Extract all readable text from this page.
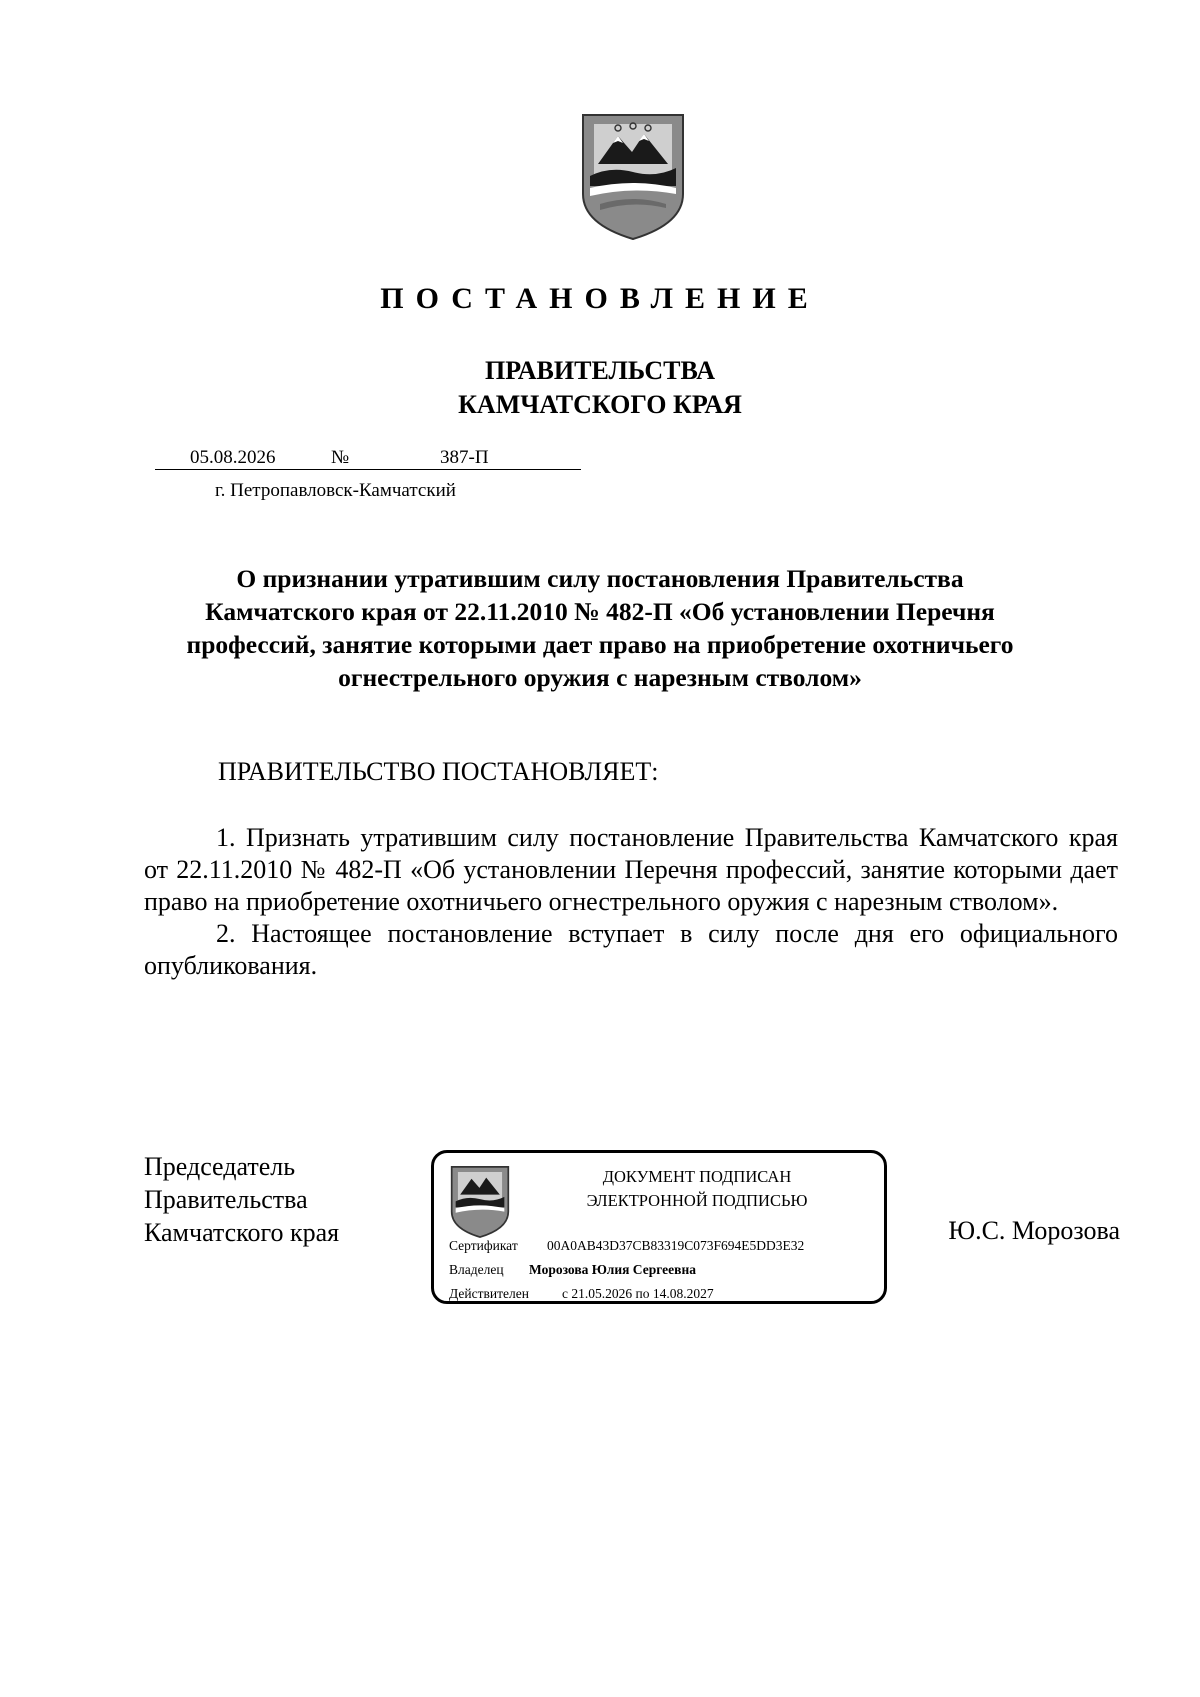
ПОСТАНОВЛЕНИЕ
ПРАВИТЕЛЬСТВА
КАМЧАТСКОГО КРАЯ
05.08.2026	№	387-П
г. Петропавловск-Камчатский
О признании утратившим силу постановления Правительства
Камчатского края от 22.11.2010 № 482-П «Об установлении Перечня
профессий, занятие которыми дает право на приобретение охотничьего
огнестрельного оружия с нарезным стволом»
ПРАВИТЕЛЬСТВО ПОСТАНОВЛЯЕТ:

1. Признать утратившим силу постановление Правительства Камчатского края от 22.11.2010 № 482-П «Об установлении Перечня профессий, занятие которыми дает право на приобретение охотничьего огнестрельного оружия с нарезным стволом».

2. Настоящее постановление вступает в силу после дня его официального опубликования.

Председатель
Правительства
Камчатского края
ДОКУМЕНТ ПОДПИСАН
ЭЛЕКТРОННОЙ ПОДПИСЬЮ
Сертификат 00A0AB43D37CB83319C073F694E5DD3E32
Владелец Морозова Юлия Сергеевна
Действителен с 21.05.2026 по 14.08.2027
Ю.С. Морозова
